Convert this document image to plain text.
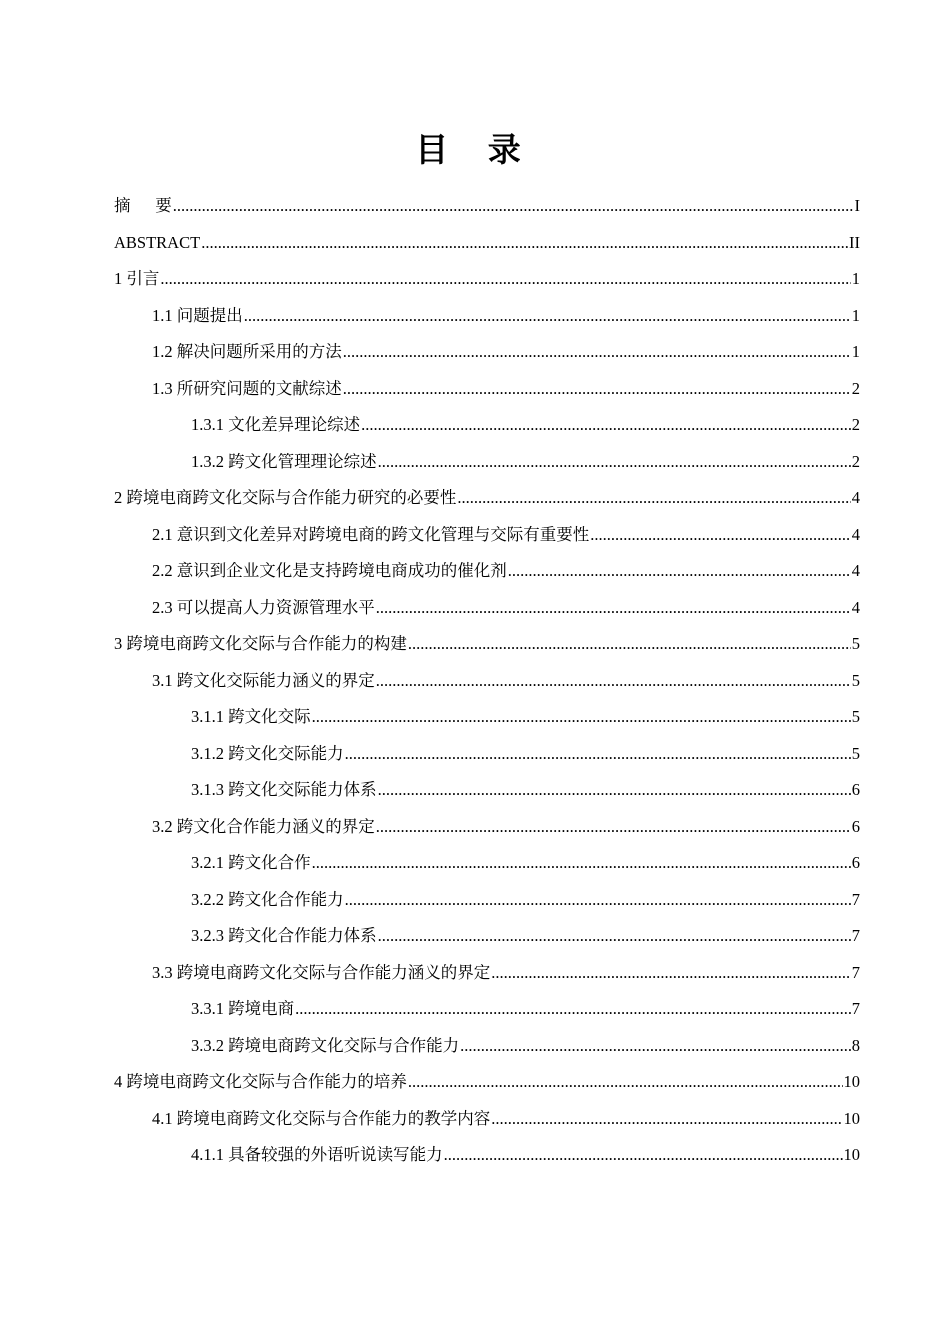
目 录
摘      要 .....	I
ABSTRACT .....	II
1 引言 .....	1
1.1 问题提出 .....	1
1.2 解决问题所采用的方法 .....	1
1.3 所研究问题的文献综述 .....	2
1.3.1 文化差异理论综述 .....	2
1.3.2 跨文化管理理论综述 .....	2
2 跨境电商跨文化交际与合作能力研究的必要性 .....	4
2.1 意识到文化差异对跨境电商的跨文化管理与交际有重要性 .....	4
2.2 意识到企业文化是支持跨境电商成功的催化剂 .....	4
2.3 可以提高人力资源管理水平 .....	4
3 跨境电商跨文化交际与合作能力的构建 .....	5
3.1 跨文化交际能力涵义的界定 .....	5
3.1.1 跨文化交际 .....	5
3.1.2 跨文化交际能力 .....	5
3.1.3 跨文化交际能力体系 .....	6
3.2 跨文化合作能力涵义的界定 .....	6
3.2.1 跨文化合作 .....	6
3.2.2 跨文化合作能力 .....	7
3.2.3 跨文化合作能力体系 .....	7
3.3 跨境电商跨文化交际与合作能力涵义的界定 .....	7
3.3.1 跨境电商 .....	7
3.3.2 跨境电商跨文化交际与合作能力 .....	8
4 跨境电商跨文化交际与合作能力的培养 .....	10
4.1 跨境电商跨文化交际与合作能力的教学内容 .....	10
4.1.1 具备较强的外语听说读写能力 .....	10
